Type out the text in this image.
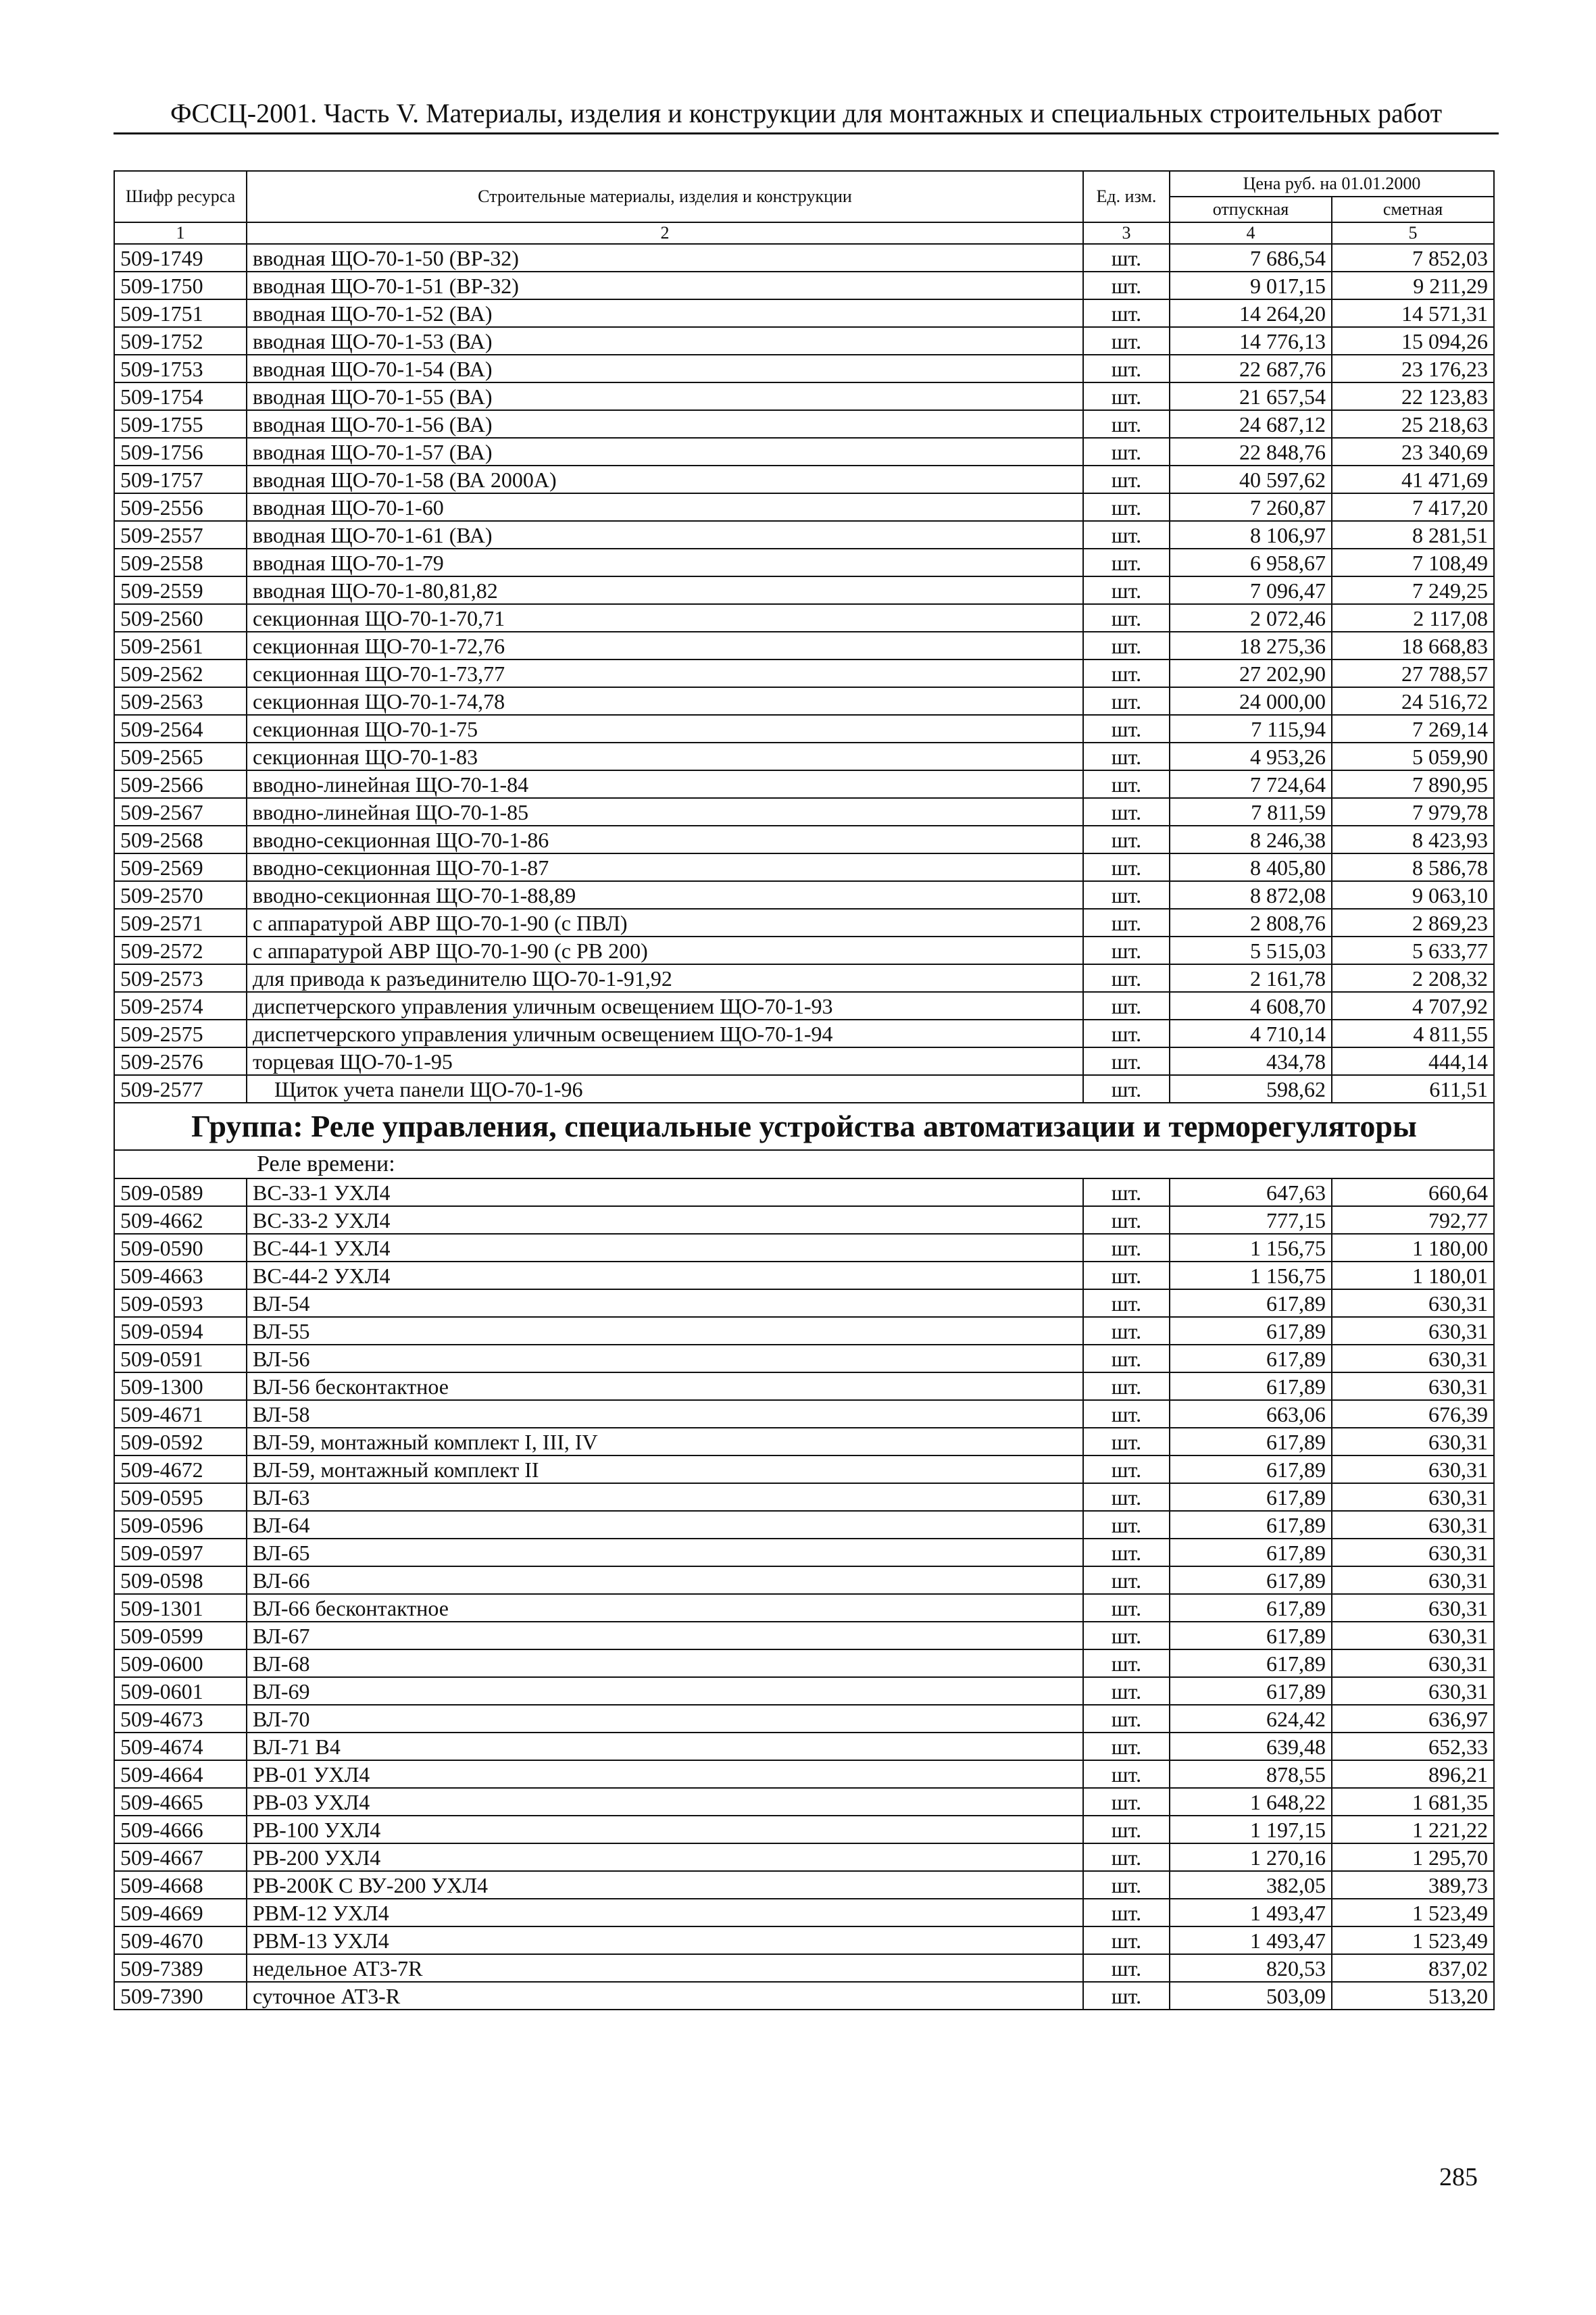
ФССЦ-2001. Часть V. Материалы, изделия и конструкции для монтажных и специальных строительных работ
Шифр ресурса	Строительные материалы, изделия и конструкции	Ед. изм.	Цена руб. на 01.01.2000	
			отпускная	сметная
1	2	3	4	5
509-1749	вводная ЩО-70-1-50 (ВР-32)	шт.	7 686,54	7 852,03
509-1750	вводная ЩО-70-1-51 (ВР-32)	шт.	9 017,15	9 211,29
509-1751	вводная ЩО-70-1-52 (ВА)	шт.	14 264,20	14 571,31
509-1752	вводная ЩО-70-1-53 (ВА)	шт.	14 776,13	15 094,26
509-1753	вводная ЩО-70-1-54 (ВА)	шт.	22 687,76	23 176,23
509-1754	вводная ЩО-70-1-55 (ВА)	шт.	21 657,54	22 123,83
509-1755	вводная ЩО-70-1-56 (ВА)	шт.	24 687,12	25 218,63
509-1756	вводная ЩО-70-1-57 (ВА)	шт.	22 848,76	23 340,69
509-1757	вводная ЩО-70-1-58 (ВА 2000А)	шт.	40 597,62	41 471,69
509-2556	вводная ЩО-70-1-60	шт.	7 260,87	7 417,20
509-2557	вводная ЩО-70-1-61 (ВА)	шт.	8 106,97	8 281,51
509-2558	вводная ЩО-70-1-79	шт.	6 958,67	7 108,49
509-2559	вводная ЩО-70-1-80,81,82	шт.	7 096,47	7 249,25
509-2560	секционная ЩО-70-1-70,71	шт.	2 072,46	2 117,08
509-2561	секционная ЩО-70-1-72,76	шт.	18 275,36	18 668,83
509-2562	секционная ЩО-70-1-73,77	шт.	27 202,90	27 788,57
509-2563	секционная ЩО-70-1-74,78	шт.	24 000,00	24 516,72
509-2564	секционная ЩО-70-1-75	шт.	7 115,94	7 269,14
509-2565	секционная ЩО-70-1-83	шт.	4 953,26	5 059,90
509-2566	вводно-линейная ЩО-70-1-84	шт.	7 724,64	7 890,95
509-2567	вводно-линейная ЩО-70-1-85	шт.	7 811,59	7 979,78
509-2568	вводно-секционная ЩО-70-1-86	шт.	8 246,38	8 423,93
509-2569	вводно-секционная ЩО-70-1-87	шт.	8 405,80	8 586,78
509-2570	вводно-секционная ЩО-70-1-88,89	шт.	8 872,08	9 063,10
509-2571	с аппаратурой АВР ЩО-70-1-90 (с ПВЛ)	шт.	2 808,76	2 869,23
509-2572	с аппаратурой АВР ЩО-70-1-90 (с РВ 200)	шт.	5 515,03	5 633,77
509-2573	для привода к разъединителю ЩО-70-1-91,92	шт.	2 161,78	2 208,32
509-2574	диспетчерского управления уличным освещением ЩО-70-1-93	шт.	4 608,70	4 707,92
509-2575	диспетчерского управления уличным освещением ЩО-70-1-94	шт.	4 710,14	4 811,55
509-2576	торцевая ЩО-70-1-95	шт.	434,78	444,14
509-2577	Щиток учета панели ЩО-70-1-96	шт.	598,62	611,51
Группа: Реле управления, специальные устройства автоматизации и терморегуляторы				
Реле времени:				
509-0589	ВС-33-1 УХЛ4	шт.	647,63	660,64
509-4662	ВС-33-2 УХЛ4	шт.	777,15	792,77
509-0590	ВС-44-1 УХЛ4	шт.	1 156,75	1 180,00
509-4663	ВС-44-2 УХЛ4	шт.	1 156,75	1 180,01
509-0593	ВЛ-54	шт.	617,89	630,31
509-0594	ВЛ-55	шт.	617,89	630,31
509-0591	ВЛ-56	шт.	617,89	630,31
509-1300	ВЛ-56 бесконтактное	шт.	617,89	630,31
509-4671	ВЛ-58	шт.	663,06	676,39
509-0592	ВЛ-59, монтажный комплект I, III, IV	шт.	617,89	630,31
509-4672	ВЛ-59, монтажный комплект II	шт.	617,89	630,31
509-0595	ВЛ-63	шт.	617,89	630,31
509-0596	ВЛ-64	шт.	617,89	630,31
509-0597	ВЛ-65	шт.	617,89	630,31
509-0598	ВЛ-66	шт.	617,89	630,31
509-1301	ВЛ-66 бесконтактное	шт.	617,89	630,31
509-0599	ВЛ-67	шт.	617,89	630,31
509-0600	ВЛ-68	шт.	617,89	630,31
509-0601	ВЛ-69	шт.	617,89	630,31
509-4673	ВЛ-70	шт.	624,42	636,97
509-4674	ВЛ-71 В4	шт.	639,48	652,33
509-4664	РВ-01 УХЛ4	шт.	878,55	896,21
509-4665	РВ-03 УХЛ4	шт.	1 648,22	1 681,35
509-4666	РВ-100 УХЛ4	шт.	1 197,15	1 221,22
509-4667	РВ-200 УХЛ4	шт.	1 270,16	1 295,70
509-4668	РВ-200К С ВУ-200 УХЛ4	шт.	382,05	389,73
509-4669	РВМ-12 УХЛ4	шт.	1 493,47	1 523,49
509-4670	РВМ-13 УХЛ4	шт.	1 493,47	1 523,49
509-7389	недельное АТ3-7R	шт.	820,53	837,02
509-7390	суточное АТ3-R	шт.	503,09	513,20
285
